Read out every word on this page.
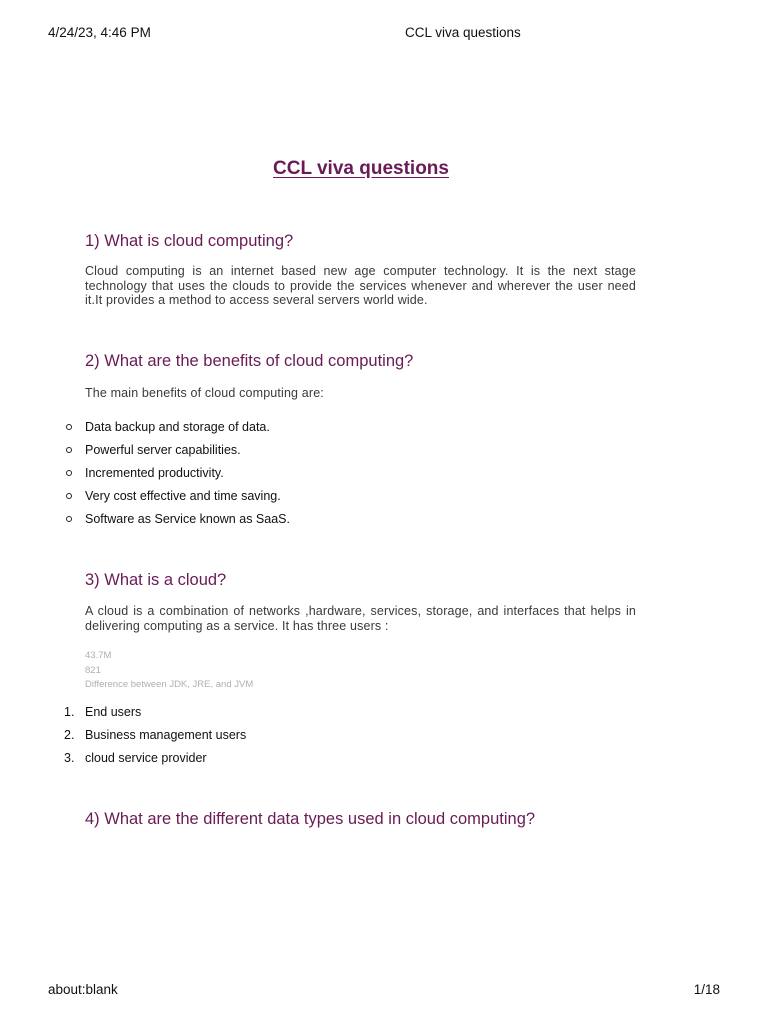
4/24/23, 4:46 PM	CCL viva questions
CCL viva questions
1) What is cloud computing?

Cloud computing is an internet based new age computer technology. It is the next stage technology that uses the clouds to provide the services whenever and wherever the user need it.It provides a method to access several servers world wide.

2) What are the benefits of cloud computing?

The main benefits of cloud computing are:

Data backup and storage of data.
Powerful server capabilities.
Incremented productivity.
Very cost effective and time saving.
Software as Service known as SaaS.
3) What is a cloud?

A cloud is a combination of networks ,hardware, services, storage, and interfaces that helps in delivering computing as a service. It has three users :

43.7M
821
Difference between JDK, JRE, and JVM
1. End users
2. Business management users
3. cloud service provider
4) What are the different data types used in cloud computing?
about:blank	1/18
